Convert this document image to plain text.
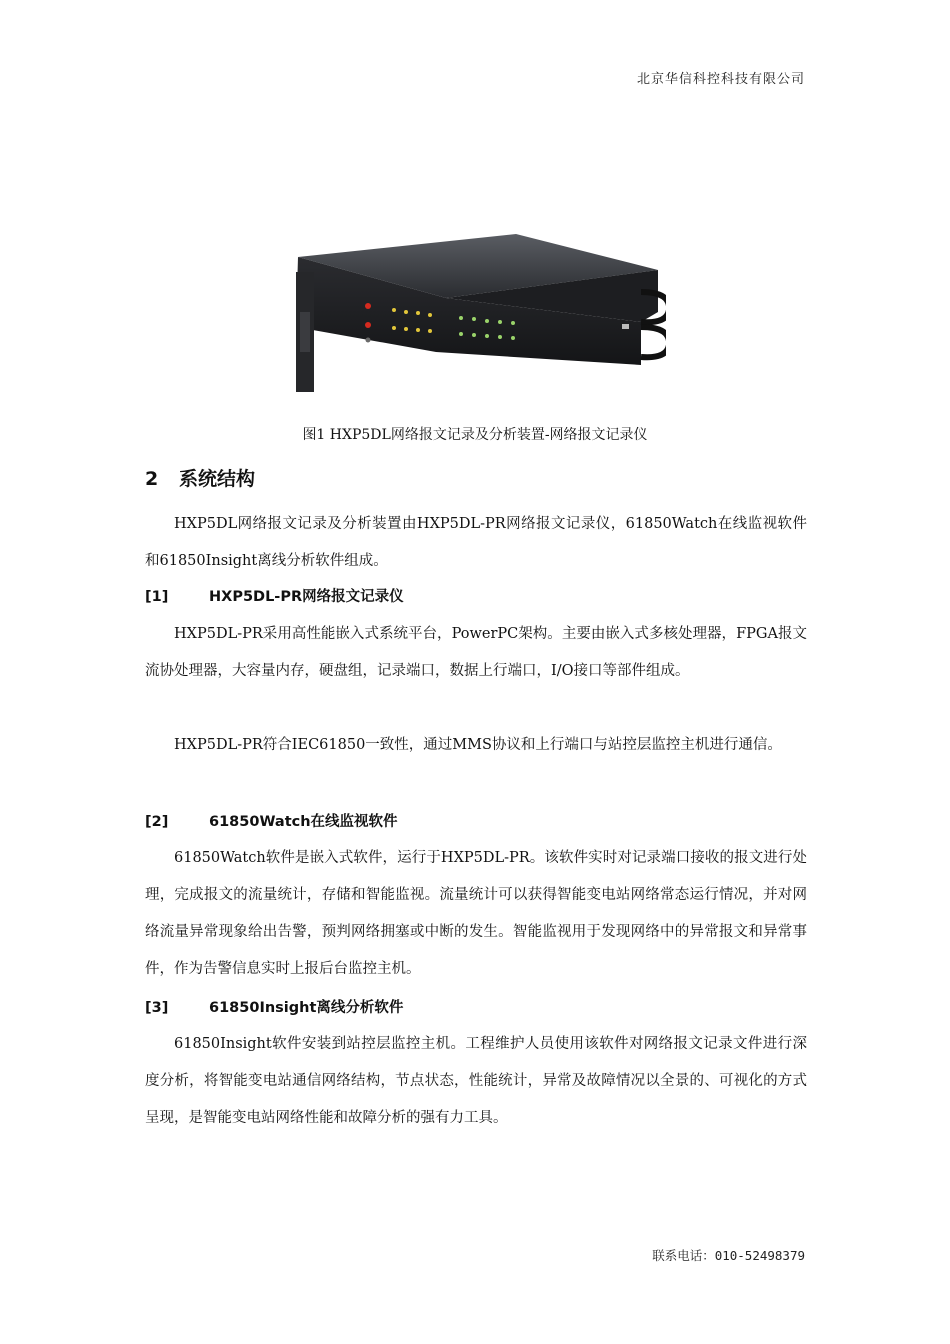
北京华信科控科技有限公司
图1 HXP5DL网络报文记录及分析装置-网络报文记录仪
2 系统结构

HXP5DL网络报文记录及分析装置由HXP5DL-PR网络报文记录仪，61850Watch在线监视软件和61850Insight离线分析软件组成。

[1]	HXP5DL-PR网络报文记录仪

HXP5DL-PR采用高性能嵌入式系统平台，PowerPC架构。主要由嵌入式多核处理器，FPGA报文流协处理器，大容量内存，硬盘组，记录端口，数据上行端口，I/O接口等部件组成。

HXP5DL-PR符合IEC61850一致性，通过MMS协议和上行端口与站控层监控主机进行通信。

[2]	61850Watch在线监视软件

61850Watch软件是嵌入式软件，运行于HXP5DL-PR。该软件实时对记录端口接收的报文进行处理，完成报文的流量统计，存储和智能监视。流量统计可以获得智能变电站网络常态运行情况，并对网络流量异常现象给出告警，预判网络拥塞或中断的发生。智能监视用于发现网络中的异常报文和异常事件，作为告警信息实时上报后台监控主机。

[3]	61850Insight离线分析软件

61850Insight软件安装到站控层监控主机。工程维护人员使用该软件对网络报文记录文件进行深度分析，将智能变电站通信网络结构，节点状态，性能统计，异常及故障情况以全景的、可视化的方式呈现，是智能变电站网络性能和故障分析的强有力工具。

联系电话：010-52498379
